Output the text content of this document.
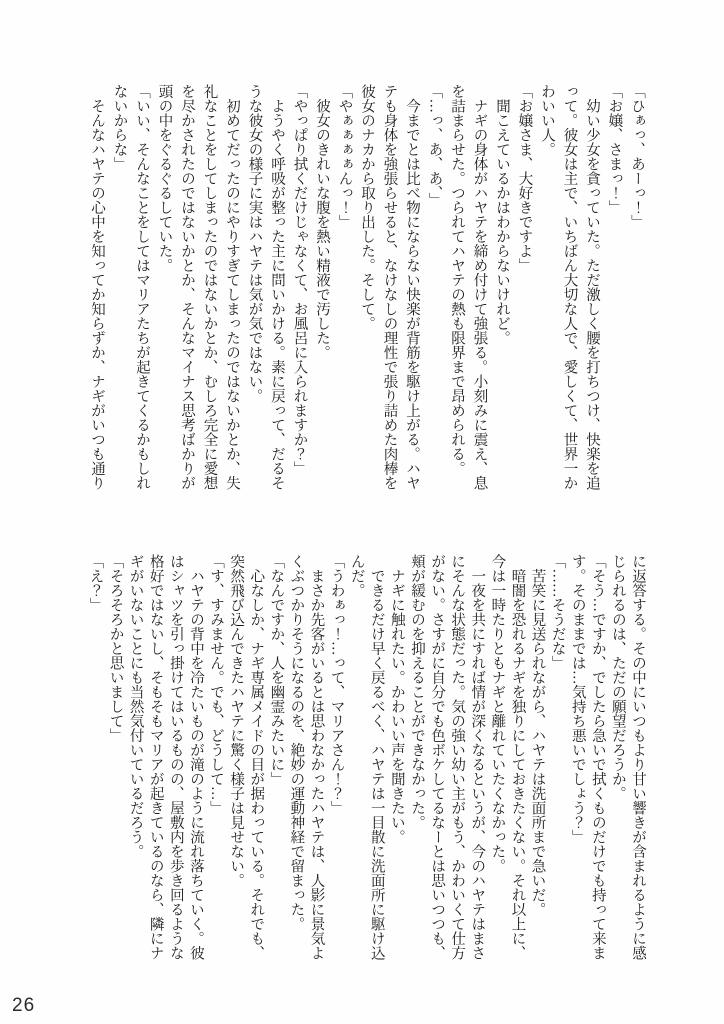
「ひぁっ、あーっ！」
「お嬢、さまっ！」
　幼い少女を貪っていた。ただ激しく腰を打ちつけ、快楽を追
って。彼女は主で、いちばん大切な人で、愛しくて、世界一か
わいい人。
「お嬢さま、大好きですよ」
　聞こえているかはわからないけれど。
　ナギの身体がハヤテを締め付けて強張る。小刻みに震え、息
を詰まらせた。つられてハヤテの熱も限界まで昂められる。
「…っ、あ、あ、」
　今までとは比べ物にならない快楽が背筋を駆け上がる。ハヤ
テも身体を強張らせると、なけなしの理性で張り詰めた肉棒を
彼女のナカから取り出した。そして。
「やぁぁぁぁんっ！」
　彼女のきれいな腹を熱い精液で汚した。
「やっぱり拭くだけじゃなくて、お風呂に入られますか？」
　ようやく呼吸が整った主に問いかける。素に戻って、だるそ
うな彼女の様子に実はハヤテは気が気ではない。
　初めてだったのにやりすぎてしまったのではないかとか、失
礼なことをしてしまったのではないかとか、むしろ完全に愛想
を尽かされたのではないかとか、そんなマイナス思考ばかりが
頭の中をぐるぐるしていた。
「いい、そんなことをしてはマリアたちが起きてくるかもしれ
ないからな」
　そんなハヤテの心中を知ってか知らずか、ナギがいつも通り
に返答する。その中にいつもより甘い響きが含まれるように感
じられるのは、ただの願望だろうか。
「そう…ですか、でしたら急いで拭くものだけでも持って来ま
す。そのままでは…気持ち悪いでしょう？」
「……そうだな」
　苦笑に見送られながら、ハヤテは洗面所まで急いだ。
　暗闇を恐れるナギを独りにしておきたくない。それ以上に、
今は一時たりともナギと離れていたくなかった。
　一夜を共にすれば情が深くなるというが、今のハヤテはまさ
にそんな状態だった。気の強い幼い主がもう、かわいくて仕方
がない。さすがに自分でも色ボケしてるなーとは思いつつも、
頬が緩むのを抑えることができなかった。
　ナギに触れたい。かわいい声を聞きたい。
　できるだけ早く戻るべく、ハヤテは一目散に洗面所に駆け込
んだ。
「うわぁっ！…って、マリアさん！？」
　まさか先客がいるとは思わなかったハヤテは、人影に景気よ
くぶつかりそうになるのを、絶妙の運動神経で留まった。
「なんですか、人を幽霊みたいに」
　心なしか、ナギ専属メイドの目が据わっている。それでも、
突然飛び込んできたハヤテに驚く様子は見せない。
「す、すみません。でも、どうして…」
　ハヤテの背中を冷たいものが滝のように流れ落ちていく。彼
はシャツを引っ掛けてはいるものの、屋敷内を歩き回るような
格好ではないし、そもそもマリアが起きているのなら、隣にナ
ギがいないことにも当然気付いているだろう。
「そろそろかと思いまして」
「え？」
26
